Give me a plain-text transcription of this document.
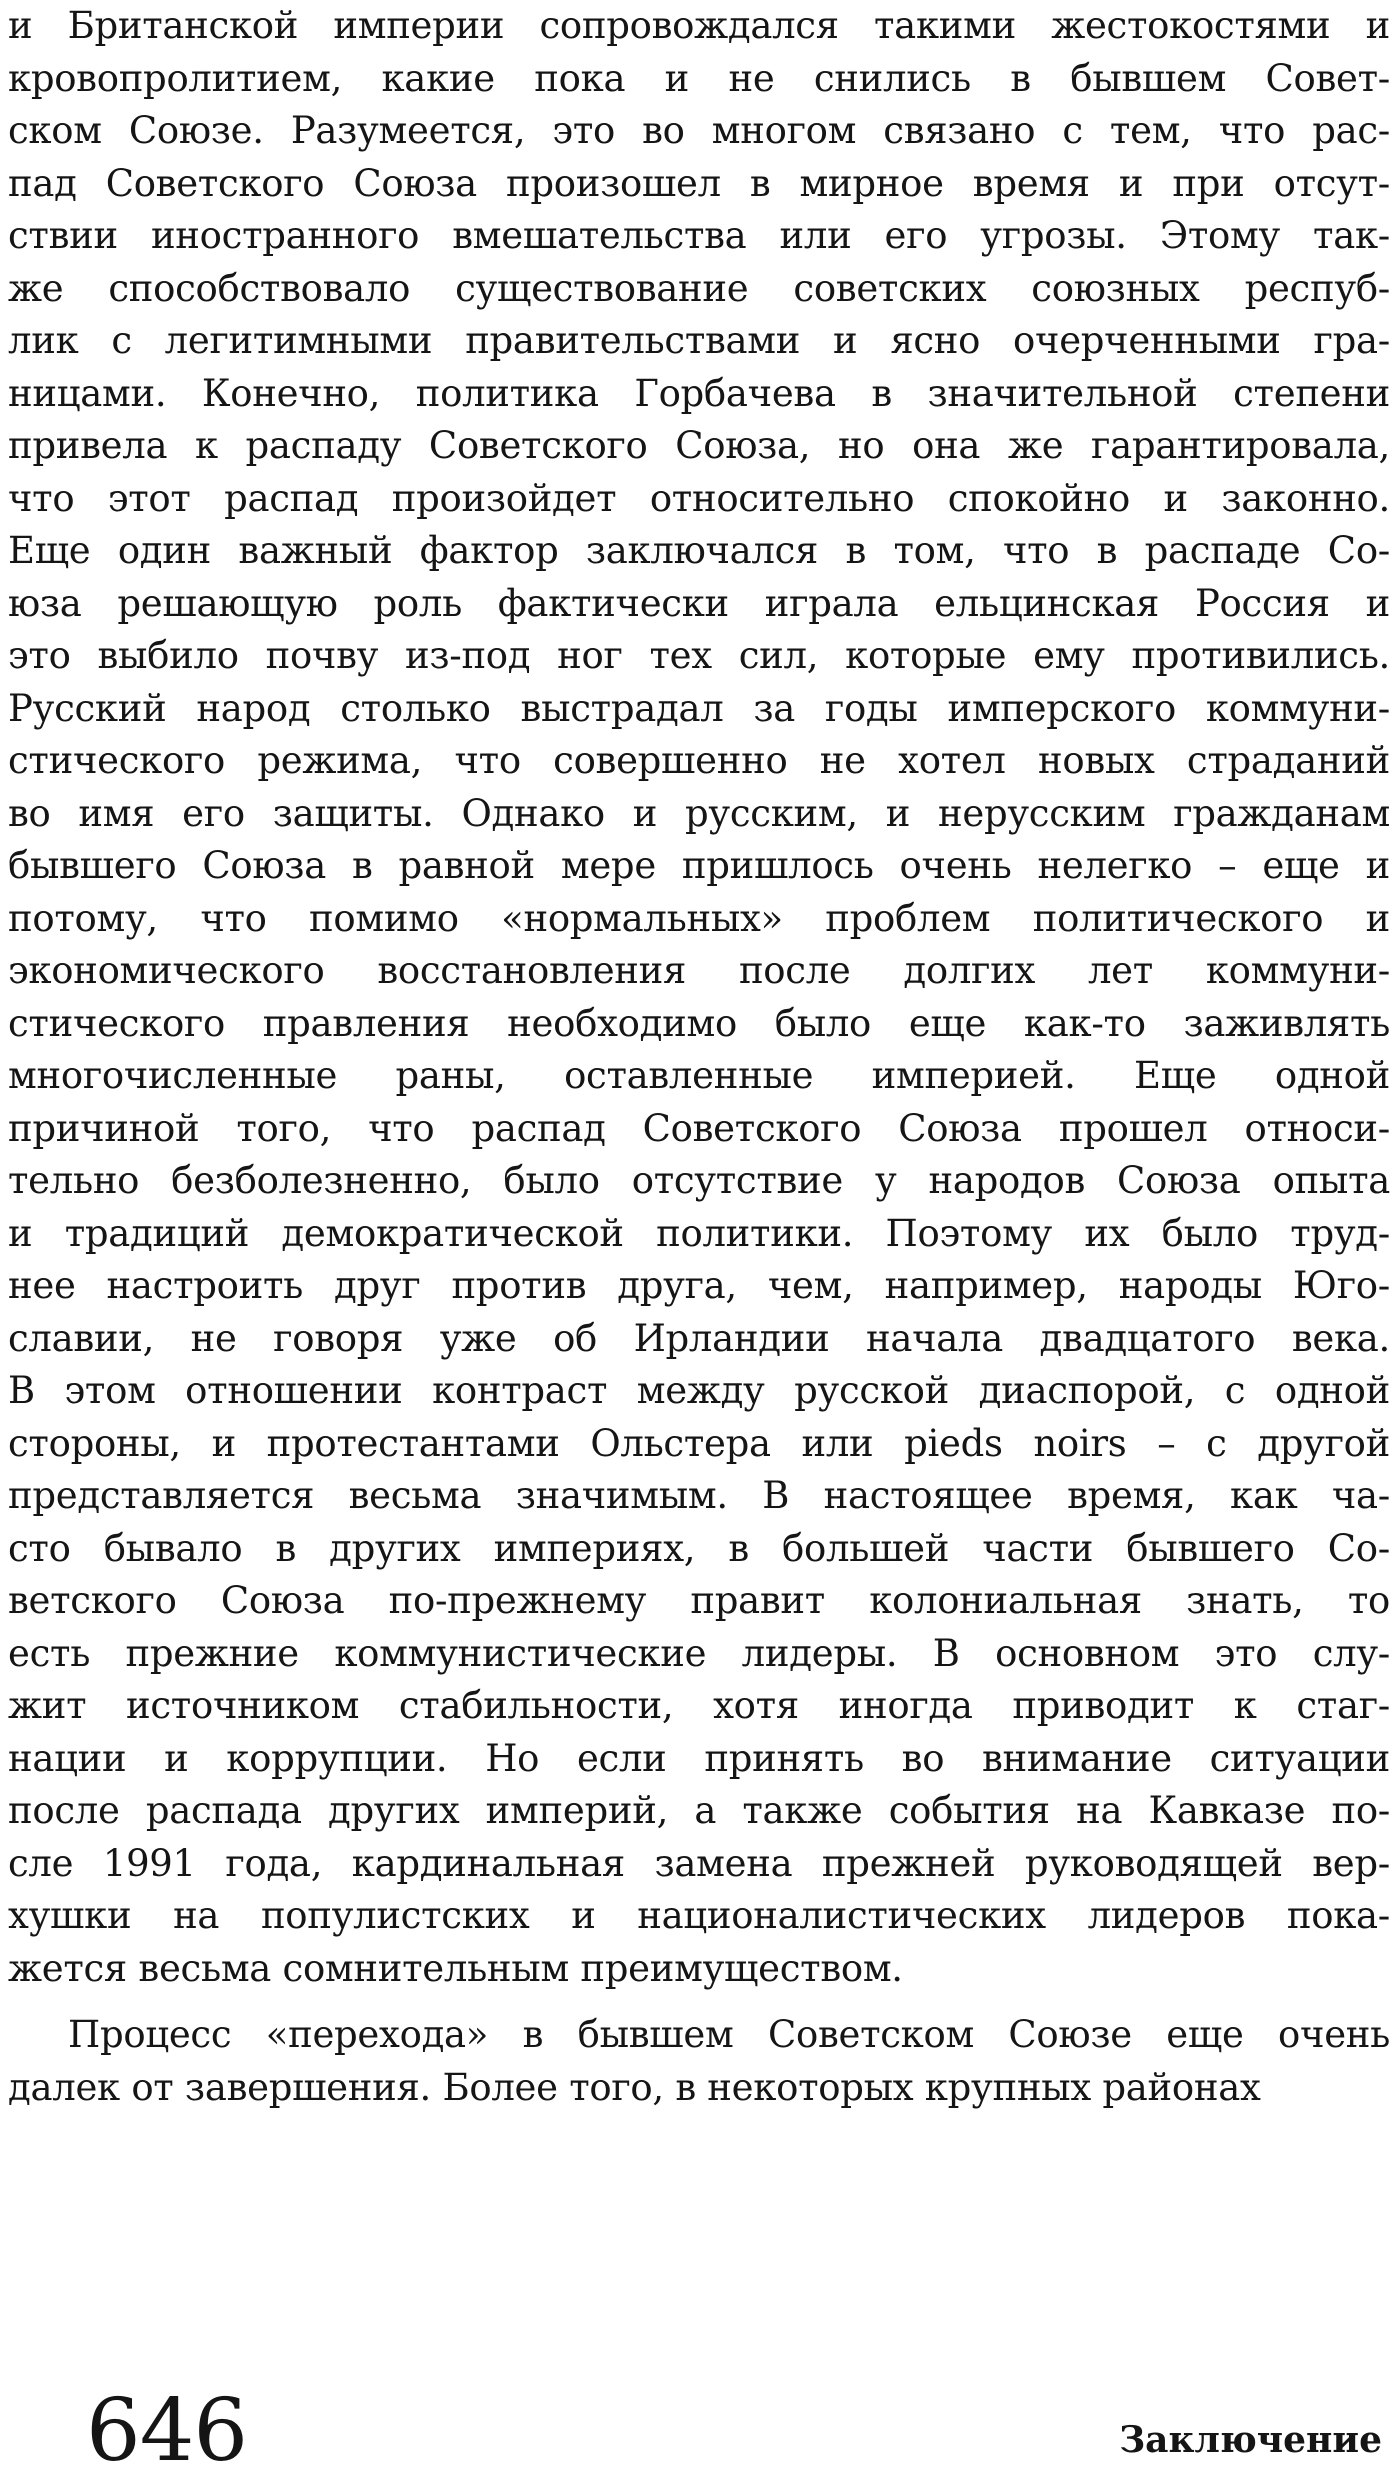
и Британской империи сопровождался такими жестокостями и
кровопролитием, какие пока и не снились в бывшем Совет-
ском Союзе. Разумеется, это во многом связано с тем, что рас-
пад Советского Союза произошел в мирное время и при отсут-
ствии иностранного вмешательства или его угрозы. Этому так-
же способствовало существование советских союзных респуб-
лик с легитимными правительствами и ясно очерченными гра-
ницами. Конечно, политика Горбачева в значительной степени
привела к распаду Советского Союза, но она же гарантировала,
что этот распад произойдет относительно спокойно и законно.
Еще один важный фактор заключался в том, что в распаде Со-
юза решающую роль фактически играла ельцинская Россия и
это выбило почву из-под ног тех сил, которые ему противились.
Русский народ столько выстрадал за годы имперского коммуни-
стического режима, что совершенно не хотел новых страданий
во имя его защиты. Однако и русским, и нерусским гражданам
бывшего Союза в равной мере пришлось очень нелегко – еще и
потому, что помимо «нормальных» проблем политического и
экономического восстановления после долгих лет коммуни-
стического правления необходимо было еще как-то заживлять
многочисленные раны, оставленные империей. Еще одной
причиной того, что распад Советского Союза прошел относи-
тельно безболезненно, было отсутствие у народов Союза опыта
и традиций демократической политики. Поэтому их было труд-
нее настроить друг против друга, чем, например, народы Юго-
славии, не говоря уже об Ирландии начала двадцатого века.
В этом отношении контраст между русской диаспорой, с одной
стороны, и протестантами Ольстера или pieds noirs – с другой
представляется весьма значимым. В настоящее время, как ча-
сто бывало в других империях, в большей части бывшего Со-
ветского Союза по-прежнему правит колониальная знать, то
есть прежние коммунистические лидеры. В основном это слу-
жит источником стабильности, хотя иногда приводит к стаг-
нации и коррупции. Но если принять во внимание ситуации
после распада других империй, а также события на Кавказе по-
сле 1991 года, кардинальная замена прежней руководящей вер-
хушки на популистских и националистических лидеров пока-
жется весьма сомнительным преимуществом.
Процесс «перехода» в бывшем Советском Союзе еще очень
далек от завершения. Более того, в некоторых крупных районах
646	Заключение
